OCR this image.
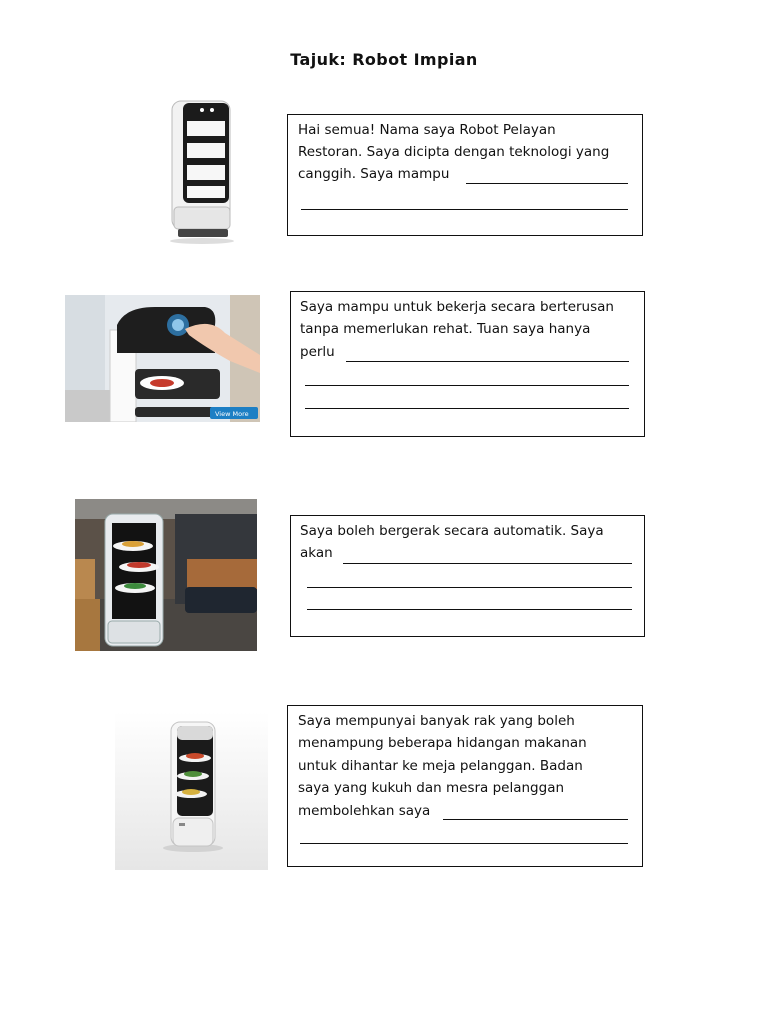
Tajuk: Robot Impian
Hai semua! Nama saya Robot Pelayan
Restoran. Saya dicipta dengan teknologi yang
canggih. Saya mampu
View More
Saya mampu untuk bekerja secara berterusan
tanpa memerlukan rehat. Tuan saya hanya
perlu
Saya boleh bergerak secara automatik. Saya
akan
Saya mempunyai banyak rak yang boleh
menampung beberapa hidangan makanan
untuk dihantar ke meja pelanggan. Badan
saya yang kukuh dan mesra pelanggan
membolehkan saya
